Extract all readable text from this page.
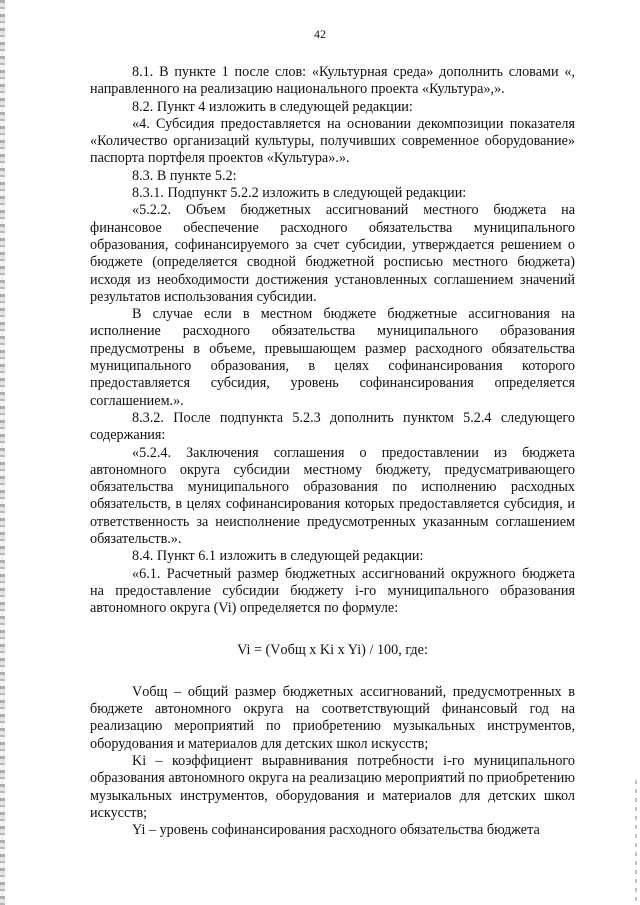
42

8.1. В пункте 1 после слов: «Культурная среда» дополнить словами «, направленного на реализацию национального проекта «Культура»,».

8.2. Пункт 4 изложить в следующей редакции:

«4. Субсидия предоставляется на основании декомпозиции показателя «Количество организаций культуры, получивших современное оборудование» паспорта портфеля проектов «Культура».».

8.3. В пункте 5.2:

8.3.1. Подпункт 5.2.2 изложить в следующей редакции:

«5.2.2. Объем бюджетных ассигнований местного бюджета на финансовое обеспечение расходного обязательства муниципального образования, софинансируемого за счет субсидии, утверждается решением о бюджете (определяется сводной бюджетной росписью местного бюджета) исходя из необходимости достижения установленных соглашением значений результатов использования субсидии.

В случае если в местном бюджете бюджетные ассигнования на исполнение расходного обязательства муниципального образования предусмотрены в объеме, превышающем размер расходного обязательства муниципального образования, в целях софинансирования которого предоставляется субсидия, уровень софинансирования определяется соглашением.».

8.3.2. После подпункта 5.2.3 дополнить пунктом 5.2.4 следующего содержания:

«5.2.4. Заключения соглашения о предоставлении из бюджета автономного округа субсидии местному бюджету, предусматривающего обязательства муниципального образования по исполнению расходных обязательств, в целях софинансирования которых предоставляется субсидия, и ответственность за неисполнение предусмотренных указанным соглашением обязательств.».

8.4. Пункт 6.1 изложить в следующей редакции:

«6.1. Расчетный размер бюджетных ассигнований окружного бюджета на предоставление субсидии бюджету i-го муниципального образования автономного округа (Vi) определяется по формуле:

Vi = (Vобщ x Ki x Yi) / 100, где:

Vобщ – общий размер бюджетных ассигнований, предусмотренных в бюджете автономного округа на соответствующий финансовый год на реализацию мероприятий по приобретению музыкальных инструментов, оборудования и материалов для детских школ искусств;

Ki – коэффициент выравнивания потребности i-го муниципального образования автономного округа на реализацию мероприятий по приобретению музыкальных инструментов, оборудования и материалов для детских школ искусств;

Yi – уровень софинансирования расходного обязательства бюджета
